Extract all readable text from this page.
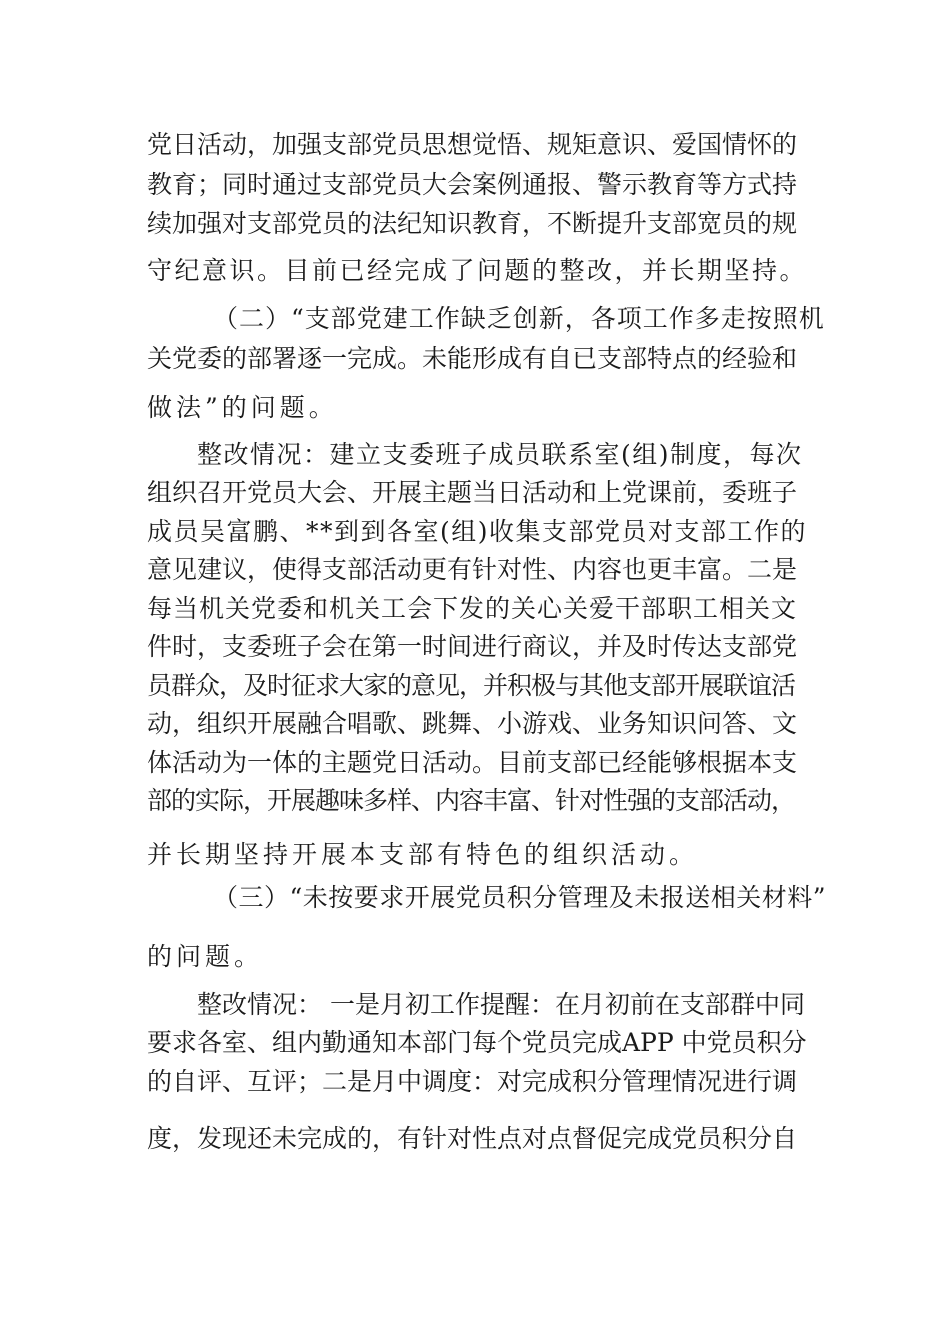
党日活动，加强支部党员思想觉悟、规矩意识、爱国情怀的
教育；同时通过支部党员大会案例通报、警示教育等方式持
续加强对支部党员的法纪知识教育，不断提升支部宽员的规
守纪意识。目前已经完成了问题的整改，并长期坚持。
（二）“支部党建工作缺乏创新，各项工作多走按照机
关党委的部署逐一完成。未能形成有自已支部特点的经验和
做法”的问题。
整改情况：建立支委班子成员联系室(组)制度，每次
组织召开党员大会、开展主题当日活动和上党课前，委班子
成员吴富鹏、**到到各室(组)收集支部党员对支部工作的
意见建议，使得支部活动更有针对性、内容也更丰富。二是
每当机关党委和机关工会下发的关心关爱干部职工相关文
件时，支委班子会在第一时间进行商议，并及时传达支部党
员群众，及时征求大家的意见，并积极与其他支部开展联谊活
动，组织开展融合唱歌、跳舞、小游戏、业务知识问答、文
体活动为一体的主题党日活动。目前支部已经能够根据本支
部的实际，开展趣味多样、内容丰富、针对性强的支部活动，
并长期坚持开展本支部有特色的组织活动。
（三）“未按要求开展党员积分管理及未报送相关材料”
的问题。
整改情况： 一是月初工作提醒：在月初前在支部群中同
要求各室、组内勤通知本部门每个党员完成APP 中党员积分
的自评、互评；二是月中调度：对完成积分管理情况进行调
度，发现还未完成的，有针对性点对点督促完成党员积分自
